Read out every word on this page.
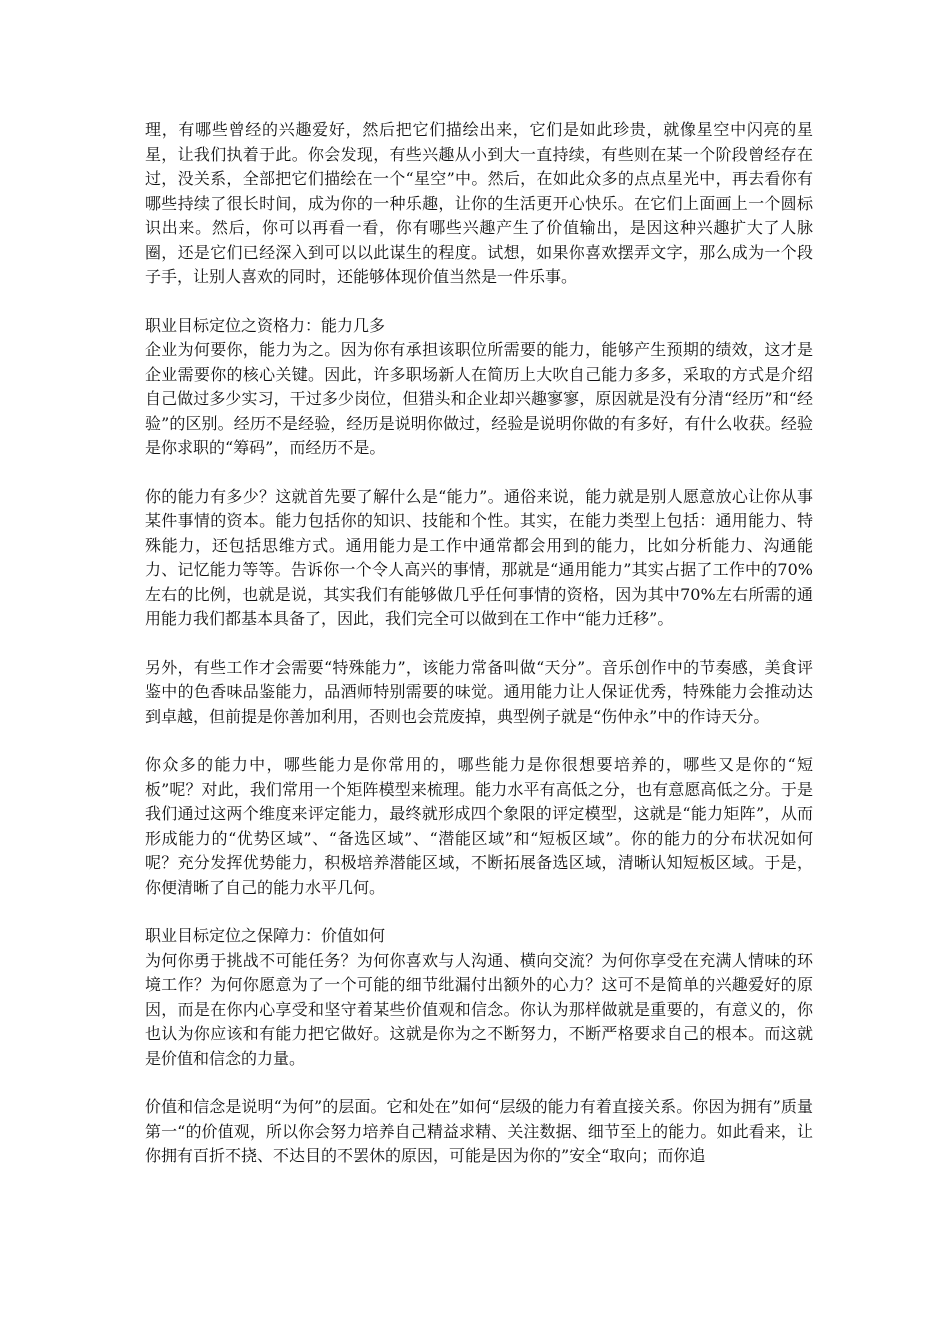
理，有哪些曾经的兴趣爱好，然后把它们描绘出来，它们是如此珍贵，就像星空中闪亮的星星，让我们执着于此。你会发现，有些兴趣从小到大一直持续，有些则在某一个阶段曾经存在过，没关系，全部把它们描绘在一个“星空”中。然后，在如此众多的点点星光中，再去看你有哪些持续了很长时间，成为你的一种乐趣，让你的生活更开心快乐。在它们上面画上一个圆标识出来。然后，你可以再看一看，你有哪些兴趣产生了价值输出，是因这种兴趣扩大了人脉圈，还是它们已经深入到可以以此谋生的程度。试想，如果你喜欢摆弄文字，那么成为一个段子手，让别人喜欢的同时，还能够体现价值当然是一件乐事。

职业目标定位之资格力：能力几多

企业为何要你，能力为之。因为你有承担该职位所需要的能力，能够产生预期的绩效，这才是企业需要你的核心关键。因此，许多职场新人在简历上大吹自己能力多多，采取的方式是介绍自己做过多少实习，干过多少岗位，但猎头和企业却兴趣寥寥，原因就是没有分清“经历”和“经验”的区别。经历不是经验，经历是说明你做过，经验是说明你做的有多好，有什么收获。经验是你求职的“筹码”，而经历不是。

你的能力有多少？这就首先要了解什么是“能力”。通俗来说，能力就是别人愿意放心让你从事某件事情的资本。能力包括你的知识、技能和个性。其实，在能力类型上包括：通用能力、特殊能力，还包括思维方式。通用能力是工作中通常都会用到的能力，比如分析能力、沟通能力、记忆能力等等。告诉你一个令人高兴的事情，那就是“通用能力”其实占据了工作中的70%左右的比例，也就是说，其实我们有能够做几乎任何事情的资格，因为其中70%左右所需的通用能力我们都基本具备了，因此，我们完全可以做到在工作中“能力迁移”。

另外，有些工作才会需要“特殊能力”，该能力常备叫做“天分”。音乐创作中的节奏感，美食评鉴中的色香味品鉴能力，品酒师特别需要的味觉。通用能力让人保证优秀，特殊能力会推动达到卓越，但前提是你善加利用，否则也会荒废掉，典型例子就是“伤仲永”中的作诗天分。

你众多的能力中，哪些能力是你常用的，哪些能力是你很想要培养的，哪些又是你的“短板”呢？对此，我们常用一个矩阵模型来梳理。能力水平有高低之分，也有意愿高低之分。于是我们通过这两个维度来评定能力，最终就形成四个象限的评定模型，这就是“能力矩阵”，从而形成能力的“优势区域”、“备选区域”、“潜能区域”和“短板区域”。你的能力的分布状况如何呢？充分发挥优势能力，积极培养潜能区域，不断拓展备选区域，清晰认知短板区域。于是，你便清晰了自己的能力水平几何。

职业目标定位之保障力：价值如何

为何你勇于挑战不可能任务？为何你喜欢与人沟通、横向交流？为何你享受在充满人情味的环境工作？为何你愿意为了一个可能的细节纰漏付出额外的心力？这可不是简单的兴趣爱好的原因，而是在你内心享受和坚守着某些价值观和信念。你认为那样做就是重要的，有意义的，你也认为你应该和有能力把它做好。这就是你为之不断努力，不断严格要求自己的根本。而这就是价值和信念的力量。

价值和信念是说明“为何”的层面。它和处在”如何“层级的能力有着直接关系。你因为拥有”质量第一“的价值观，所以你会努力培养自己精益求精、关注数据、细节至上的能力。如此看来，让你拥有百折不挠、不达目的不罢休的原因，可能是因为你的”安全“取向；而你追
